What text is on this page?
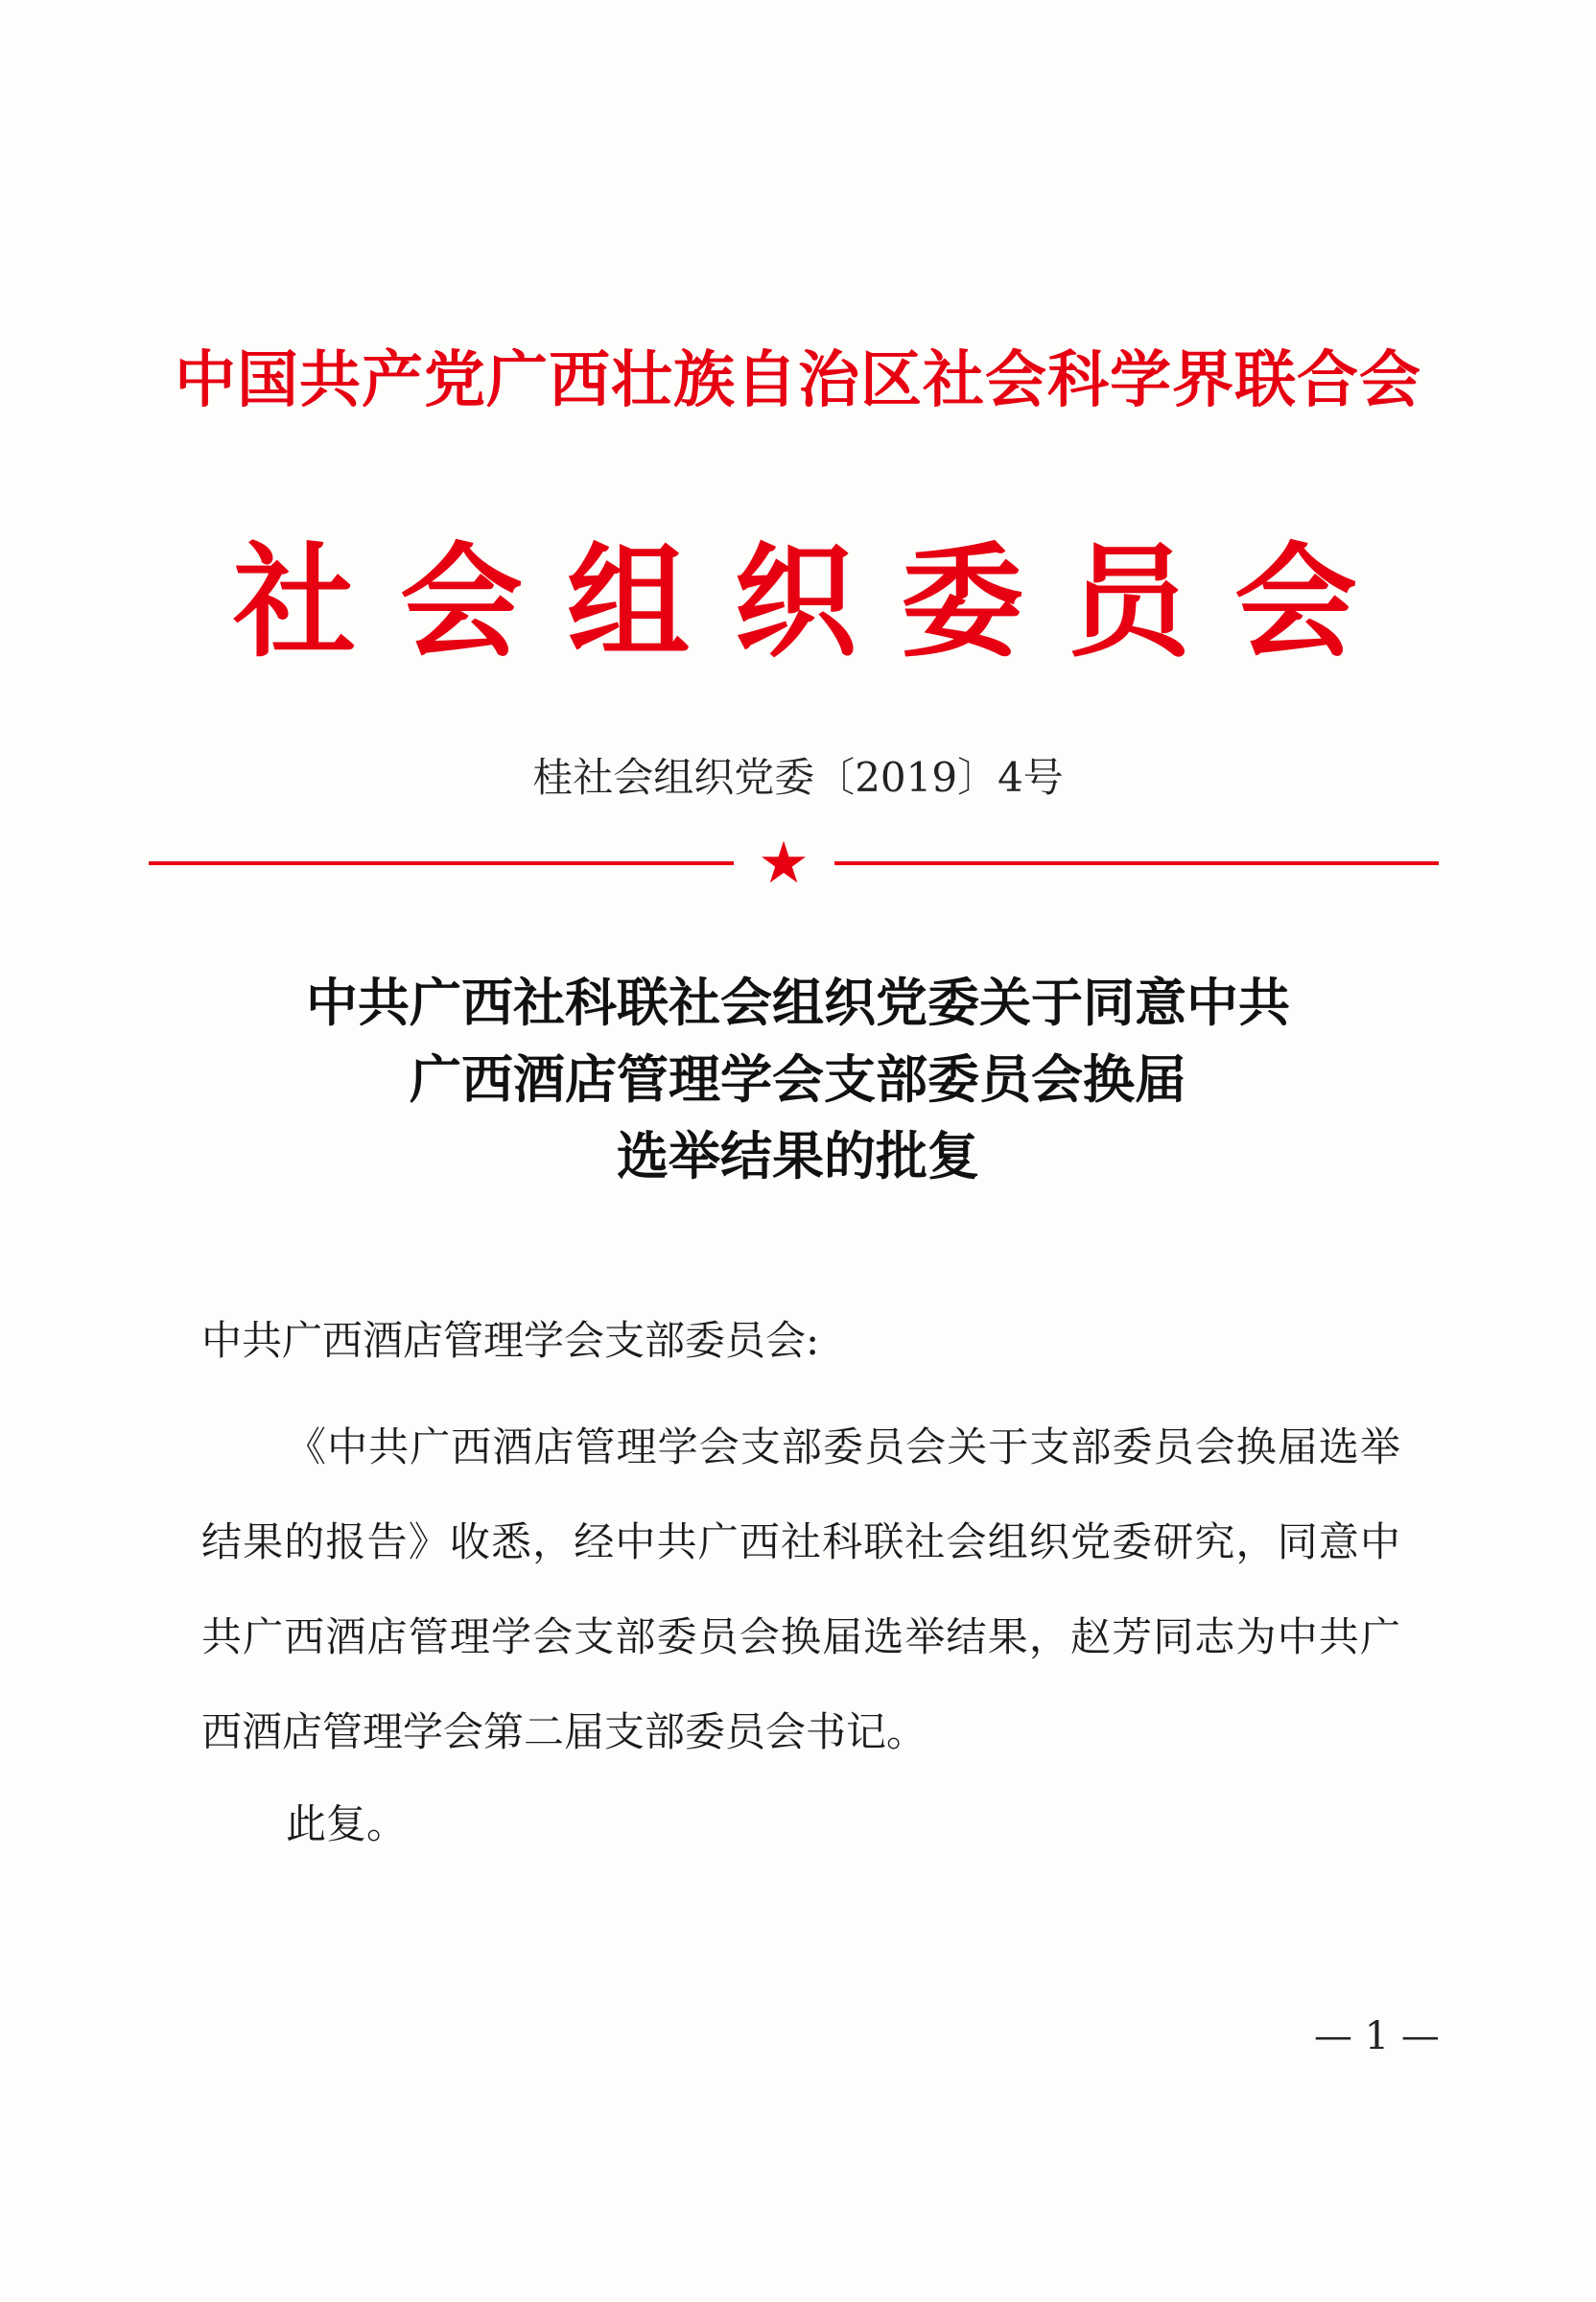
中国共产党广西壮族自治区社会科学界联合会
社会组织委员会
桂社会组织党委〔2019〕4号
★
中共广西社科联社会组织党委关于同意中共
广西酒店管理学会支部委员会换届
选举结果的批复
中共广西酒店管理学会支部委员会:
《中共广西酒店管理学会支部委员会关于支部委员会换届选举结果的报告》收悉，经中共广西社科联社会组织党委研究，同意中共广西酒店管理学会支部委员会换届选举结果，赵芳同志为中共广西酒店管理学会第二届支部委员会书记。
此复。
— 1 —
